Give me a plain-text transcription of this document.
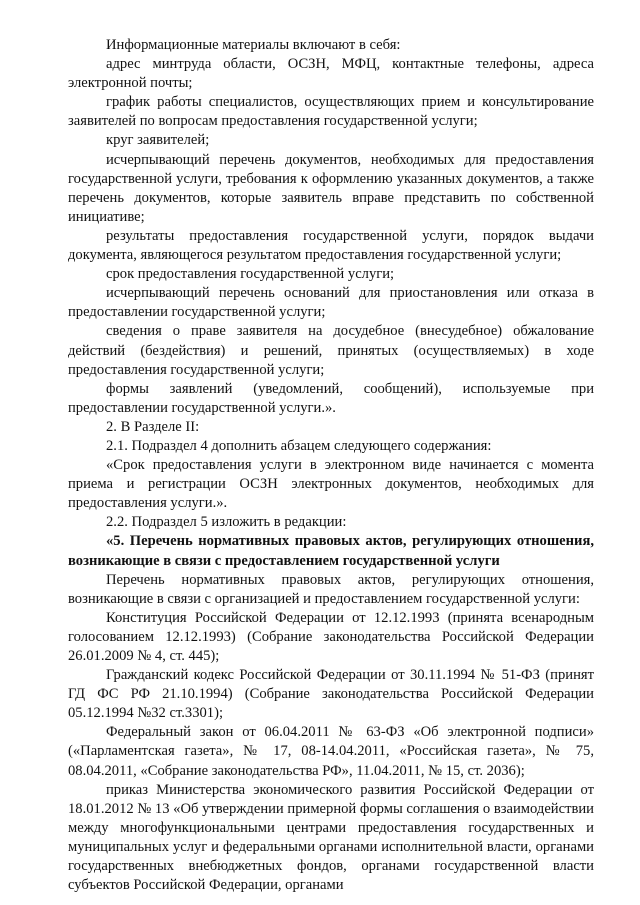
Информационные материалы включают в себя:

адрес минтруда области, ОСЗН, МФЦ, контактные телефоны, адреса электронной почты;

график работы специалистов, осуществляющих прием и консультирование заявителей по вопросам предоставления государственной услуги;

круг заявителей;

исчерпывающий перечень документов, необходимых для предоставления государственной услуги, требования к оформлению указанных документов, а также перечень документов, которые заявитель вправе представить по собственной инициативе;

результаты предоставления государственной услуги, порядок выдачи документа, являющегося результатом предоставления государственной услуги;

срок предоставления государственной услуги;

исчерпывающий перечень оснований для приостановления или отказа в предоставлении государственной услуги;

сведения о праве заявителя на досудебное (внесудебное) обжалование действий (бездействия) и решений, принятых (осуществляемых) в ходе предоставления государственной услуги;

формы заявлений (уведомлений, сообщений), используемые при предоставлении государственной услуги.».

2. В Разделе II:

2.1. Подраздел 4 дополнить абзацем следующего содержания:

«Срок предоставления услуги в электронном виде начинается с момента приема и регистрации ОСЗН электронных документов, необходимых для предоставления услуги.».

2.2. Подраздел 5 изложить в редакции:

«5. Перечень нормативных правовых актов, регулирующих отношения, возникающие в связи с предоставлением государственной услуги

Перечень нормативных правовых актов, регулирующих отношения, возникающие в связи с организацией и предоставлением государственной услуги:

Конституция Российской Федерации от 12.12.1993 (принята всенародным голосованием 12.12.1993) (Собрание законодательства Российской Федерации 26.01.2009 № 4, ст. 445);

Гражданский кодекс Российской Федерации от 30.11.1994 № 51-ФЗ (принят ГД ФС РФ 21.10.1994) (Собрание законодательства Российской Федерации 05.12.1994 №32 ст.3301);

Федеральный закон от 06.04.2011 № 63-ФЗ «Об электронной подписи» («Парламентская газета», № 17, 08-14.04.2011, «Российская газета», № 75, 08.04.2011, «Собрание законодательства РФ», 11.04.2011, № 15, ст. 2036);

приказ Министерства экономического развития Российской Федерации от 18.01.2012 № 13 «Об утверждении примерной формы соглашения о взаимодействии между многофункциональными центрами предоставления государственных и муниципальных услуг и федеральными органами исполнительной власти, органами государственных внебюджетных фондов, органами государственной власти субъектов Российской Федерации, органами
